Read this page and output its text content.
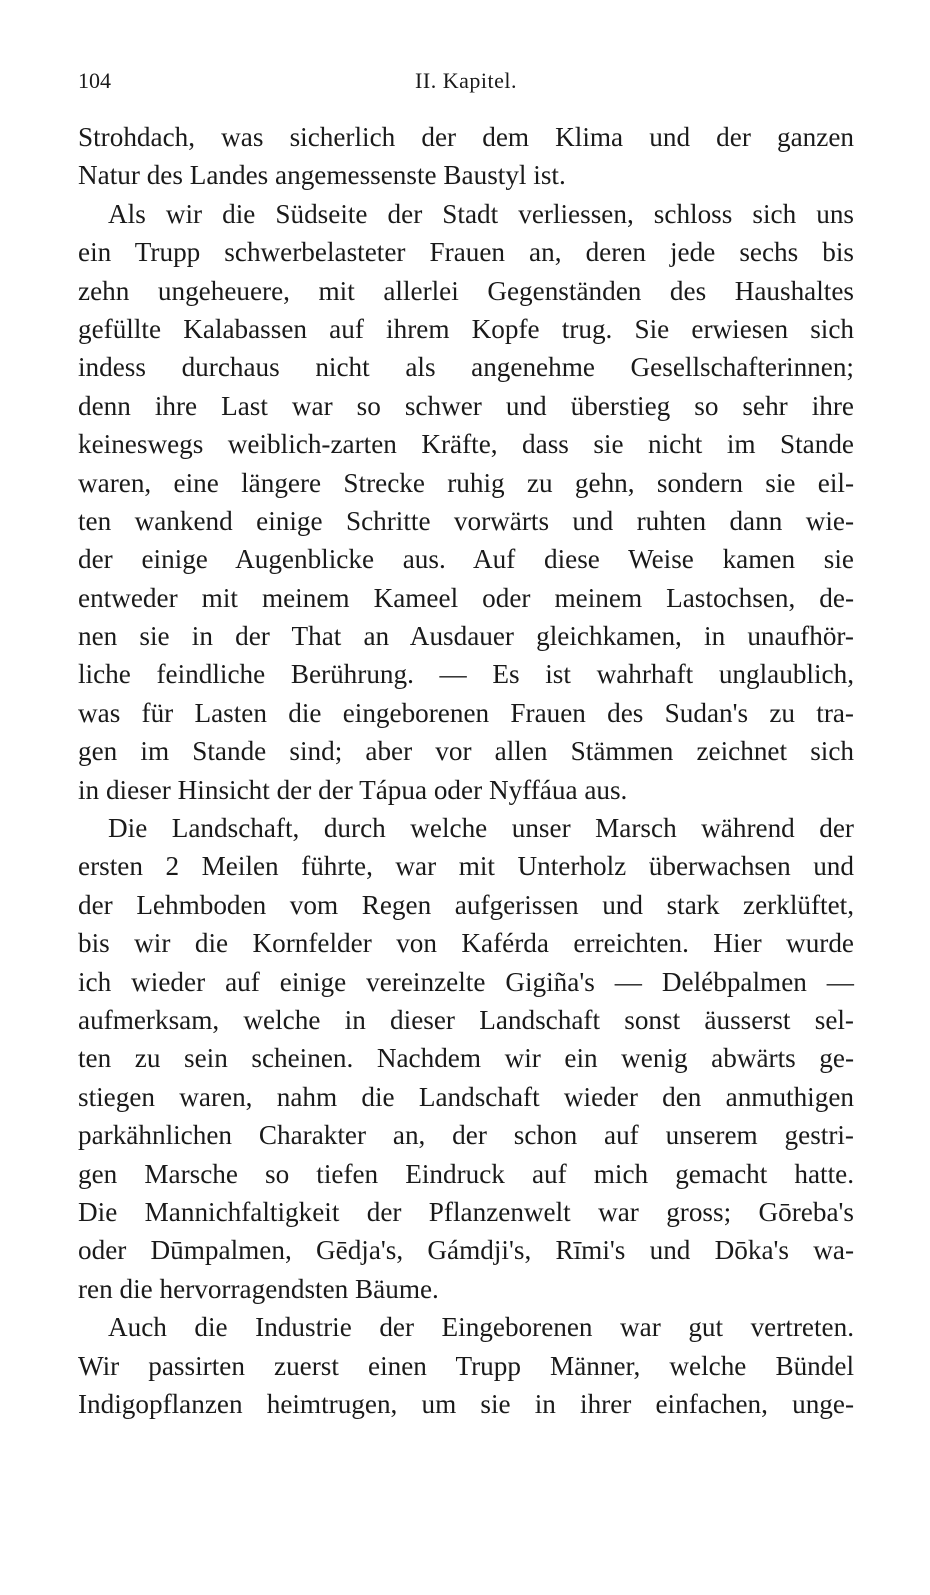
104	II. Kapitel.
Strohdach, was sicherlich der dem Klima und der ganzen
Natur des Landes angemessenste Baustyl ist.
Als wir die Südseite der Stadt verliessen, schloss sich uns
ein Trupp schwerbelasteter Frauen an, deren jede sechs bis
zehn ungeheuere, mit allerlei Gegenständen des Haushaltes
gefüllte Kalabassen auf ihrem Kopfe trug. Sie erwiesen sich
indess durchaus nicht als angenehme Gesellschafterinnen;
denn ihre Last war so schwer und überstieg so sehr ihre
keineswegs weiblich-zarten Kräfte, dass sie nicht im Stande
waren, eine längere Strecke ruhig zu gehn, sondern sie eil-
ten wankend einige Schritte vorwärts und ruhten dann wie-
der einige Augenblicke aus. Auf diese Weise kamen sie
entweder mit meinem Kameel oder meinem Lastochsen, de-
nen sie in der That an Ausdauer gleichkamen, in unaufhör-
liche feindliche Berührung. — Es ist wahrhaft unglaublich,
was für Lasten die eingeborenen Frauen des Sudan's zu tra-
gen im Stande sind; aber vor allen Stämmen zeichnet sich
in dieser Hinsicht der der Tápua oder Nyffáua aus.
Die Landschaft, durch welche unser Marsch während der
ersten 2 Meilen führte, war mit Unterholz überwachsen und
der Lehmboden vom Regen aufgerissen und stark zerklüftet,
bis wir die Kornfelder von Kaférda erreichten. Hier wurde
ich wieder auf einige vereinzelte Gigiña's — Delébpalmen —
aufmerksam, welche in dieser Landschaft sonst äusserst sel-
ten zu sein scheinen. Nachdem wir ein wenig abwärts ge-
stiegen waren, nahm die Landschaft wieder den anmuthigen
parkähnlichen Charakter an, der schon auf unserem gestri-
gen Marsche so tiefen Eindruck auf mich gemacht hatte.
Die Mannichfaltigkeit der Pflanzenwelt war gross; Gōreba's
oder Dūmpalmen, Gēdja's, Gámdji's, Rīmi's und Dōka's wa-
ren die hervorragendsten Bäume.
Auch die Industrie der Eingeborenen war gut vertreten.
Wir passirten zuerst einen Trupp Männer, welche Bündel
Indigopflanzen heimtrugen, um sie in ihrer einfachen, unge-
